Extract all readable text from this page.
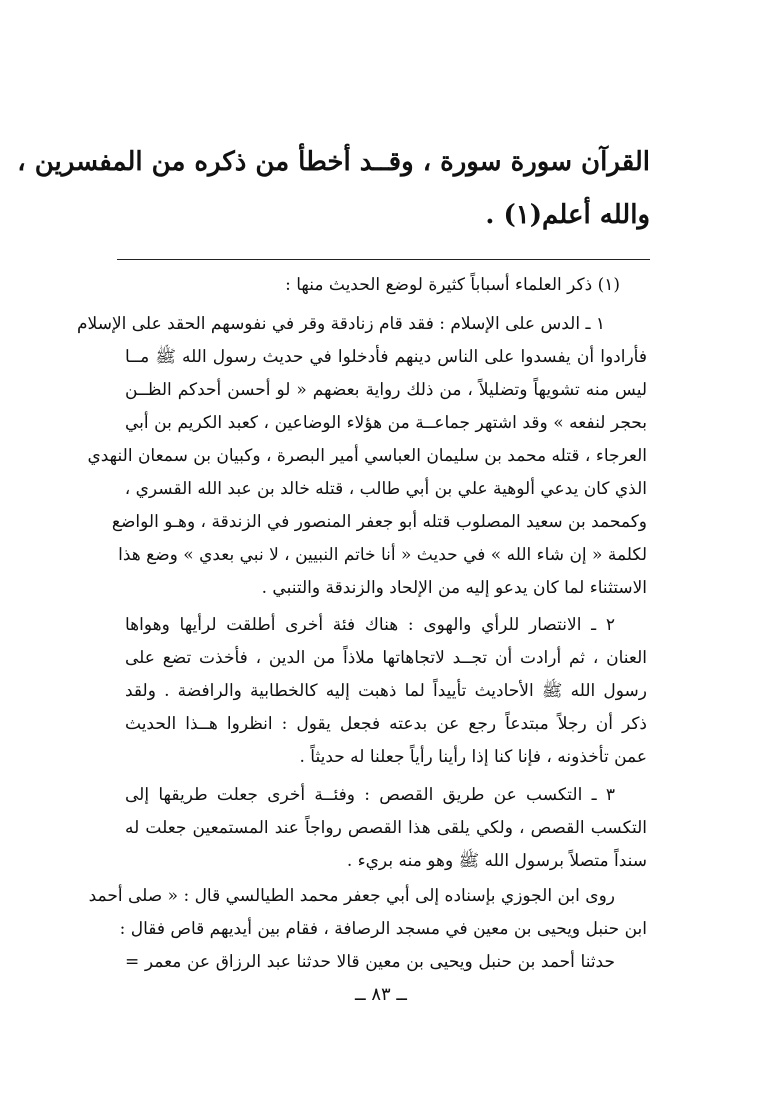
القرآن سورة سورة ، وقــد أخطأ من ذكره من المفسرين ،
والله أعلم(١) .
(١) ذكر العلماء أسباباً كثيرة لوضع الحديث منها :
١ ـ الدس على الإسلام : فقد قام زنادقة وقر في نفوسهم الحقد على الإسلام
فأرادوا أن يفسدوا على الناس دينهم فأدخلوا في حديث رسول الله ﷺ مــا
ليس منه تشويهاً وتضليلاً ، من ذلك رواية بعضهم « لو أحسن أحدكم الظــن
بحجر لنفعه » وقد اشتهر جماعــة من هؤلاء الوضاعين ، كعبد الكريم بن أبي
العرجاء ، قتله محمد بن سليمان العباسي أمير البصرة ، وكبيان بن سمعان النهدي
الذي كان يدعي ألوهية علي بن أبي طالب ، قتله خالد بن عبد الله القسري ،
وكمحمد بن سعيد المصلوب قتله أبو جعفر المنصور في الزندقة ، وهـو الواضع
لكلمة « إن شاء الله » في حديث « أنا خاتم النبيين ، لا نبي بعدي » وضع هذا
الاستثناء لما كان يدعو إليه من الإلحاد والزندقة والتنبي .
٢ ـ الانتصار للرأي والهوى : هناك فئة أخرى أطلقت لرأيها وهواها
العنان ، ثم أرادت أن تجــد لاتجاهاتها ملاذاً من الدين ، فأخذت تضع على
رسول الله ﷺ الأحاديث تأييداً لما ذهبت إليه كالخطابية والرافضة . ولقد
ذكر أن رجلاً مبتدعاً رجع عن بدعته فجعل يقول : انظروا هــذا الحديث
عمن تأخذونه ، فإنا كنا إذا رأينا رأياً جعلنا له حديثاً .
٣ ـ التكسب عن طريق القصص : وفئــة أخرى جعلت طريقها إلى
التكسب القصص ، ولكي يلقى هذا القصص رواجاً عند المستمعين جعلت له
سنداً متصلاً برسول الله ﷺ وهو منه بريء .
روى ابن الجوزي بإسناده إلى أبي جعفر محمد الطيالسي قال : « صلى أحمد
ابن حنبل ويحيى بن معين في مسجد الرصافة ، فقام بين أيديهم قاص فقال :
حدثنا أحمد بن حنبل ويحيى بن معين قالا حدثنا عبد الرزاق عن معمر =
ــ ٨٣ ــ
